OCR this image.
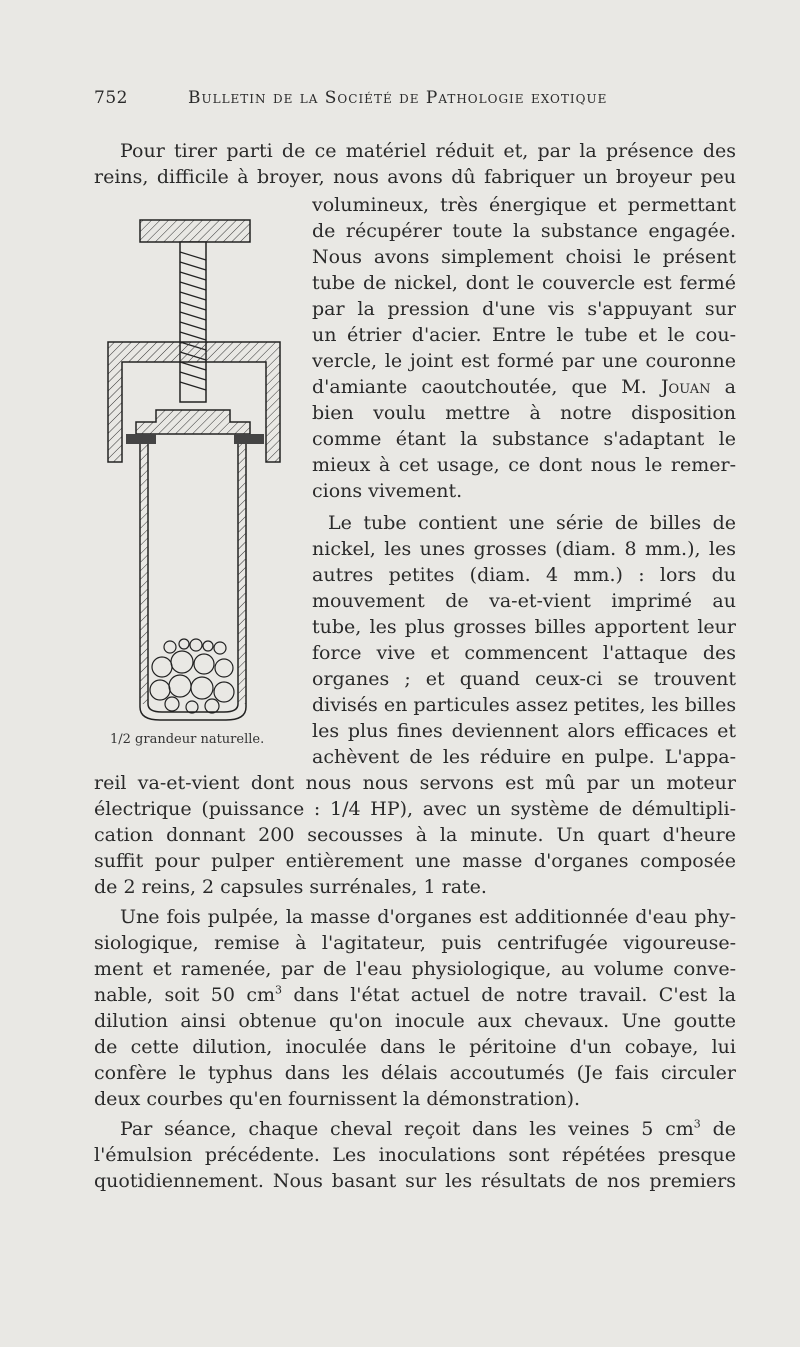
752	Bulletin de la Société de Pathologie exotique
Pour tirer parti de ce matériel réduit et, par la présence des
reins, difficile à broyer, nous avons dû fabriquer un broyeur peu
volumineux, très énergique et permettant
de récupérer toute la substance engagée.
Nous avons simplement choisi le présent
tube de nickel, dont le couvercle est fermé
par la pression d'une vis s'appuyant sur
un étrier d'acier. Entre le tube et le cou-
vercle, le joint est formé par une couronne
d'amiante caoutchoutée, que M. Jouan a
bien voulu mettre à notre disposition
comme étant la substance s'adaptant le
mieux à cet usage, ce dont nous le remer-
cions vivement.
Le tube contient une série de billes de
nickel, les unes grosses (diam. 8 mm.), les
autres petites (diam. 4 mm.) : lors du
mouvement de va-et-vient imprimé au
tube, les plus grosses billes apportent leur
force vive et commencent l'attaque des
organes ; et quand ceux-ci se trouvent
divisés en particules assez petites, les billes
les plus fines deviennent alors efficaces et
achèvent de les réduire en pulpe. L'appa-
reil va-et-vient dont nous nous servons est mû par un moteur
électrique (puissance : 1/4 HP), avec un système de démultipli-
cation donnant 200 secousses à la minute. Un quart d'heure
suffit pour pulper entièrement une masse d'organes composée
de 2 reins, 2 capsules surrénales, 1 rate.
Une fois pulpée, la masse d'organes est additionnée d'eau phy-
siologique, remise à l'agitateur, puis centrifugée vigoureuse-
ment et ramenée, par de l'eau physiologique, au volume conve-
nable, soit 50 $cm^3$ dans l'état actuel de notre travail. C'est la
dilution ainsi obtenue qu'on inocule aux chevaux. Une goutte
de cette dilution, inoculée dans le péritoine d'un cobaye, lui
confère le typhus dans les délais accoutumés (Je fais circuler
deux courbes qu'en fournissent la démonstration).
Par séance, chaque cheval reçoit dans les veines 5 $cm^3$ de
l'émulsion précédente. Les inoculations sont répétées presque
quotidiennement. Nous basant sur les résultats de nos premiers
1/2 grandeur naturelle.
